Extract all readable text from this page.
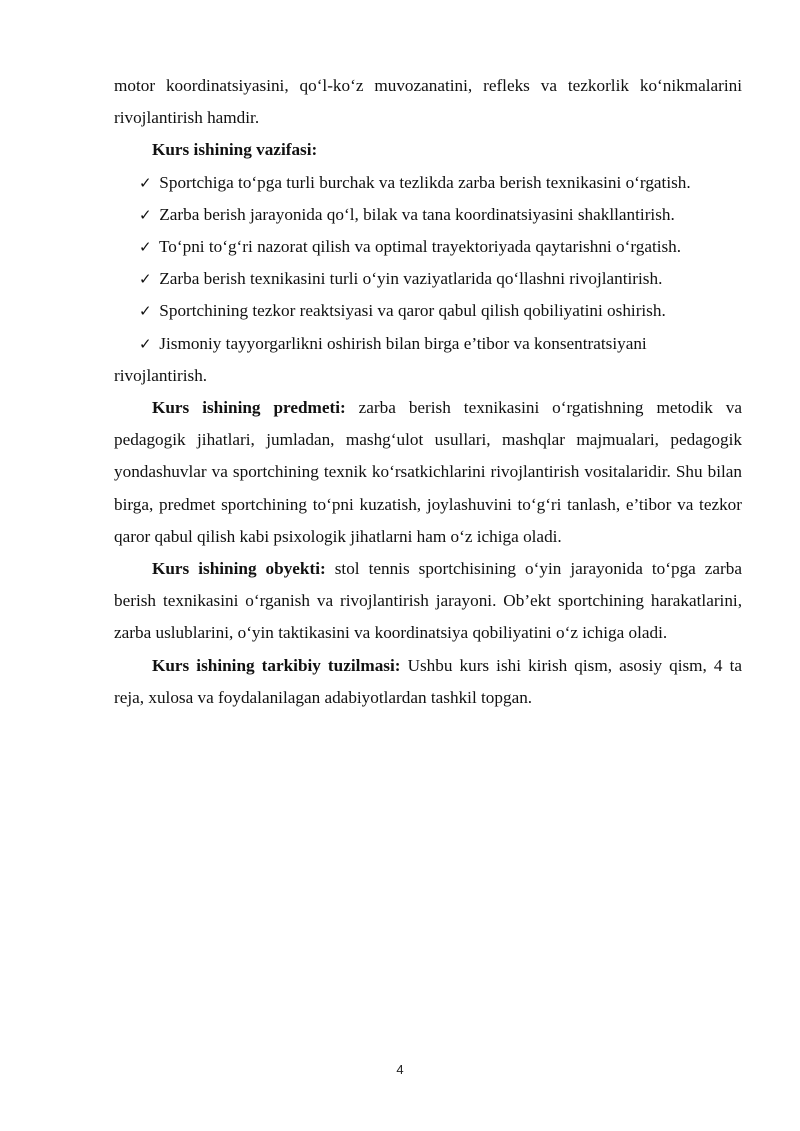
motor koordinatsiyasini, qo‘l-ko‘z muvozanatini, refleks va tezkorlik ko‘nikmalarini rivojlantirish hamdir.

Kurs ishining vazifasi:

✓ Sportchiga to‘pga turli burchak va tezlikda zarba berish texnikasini o‘rgatish.

✓ Zarba berish jarayonida qo‘l, bilak va tana koordinatsiyasini shakllantirish.

✓ To‘pni to‘g‘ri nazorat qilish va optimal trayektoriyada qaytarishni o‘rgatish.

✓ Zarba berish texnikasini turli o‘yin vaziyatlarida qo‘llashni rivojlantirish.

✓ Sportchining tezkor reaktsiyasi va qaror qabul qilish qobiliyatini oshirish.

✓ Jismoniy tayyorgarlikni oshirish bilan birga e’tibor va konsentratsiyani rivojlantirish.

Kurs ishining predmeti: zarba berish texnikasini o‘rgatishning metodik va pedagogik jihatlari, jumladan, mashg‘ulot usullari, mashqlar majmualari, pedagogik yondashuvlar va sportchining texnik ko‘rsatkichlarini rivojlantirish vositalaridir. Shu bilan birga, predmet sportchining to‘pni kuzatish, joylashuvini to‘g‘ri tanlash, e’tibor va tezkor qaror qabul qilish kabi psixologik jihatlarni ham o‘z ichiga oladi.

Kurs ishining obyekti: stol tennis sportchisining o‘yin jarayonida to‘pga zarba berish texnikasini o‘rganish va rivojlantirish jarayoni. Ob’ekt sportchining harakatlarini, zarba uslublarini, o‘yin taktikasini va koordinatsiya qobiliyatini o‘z ichiga oladi.

Kurs ishining tarkibiy tuzilmasi: Ushbu kurs ishi kirish qism, asosiy qism, 4 ta reja, xulosa va foydalanilagan adabiyotlardan tashkil topgan.

4
